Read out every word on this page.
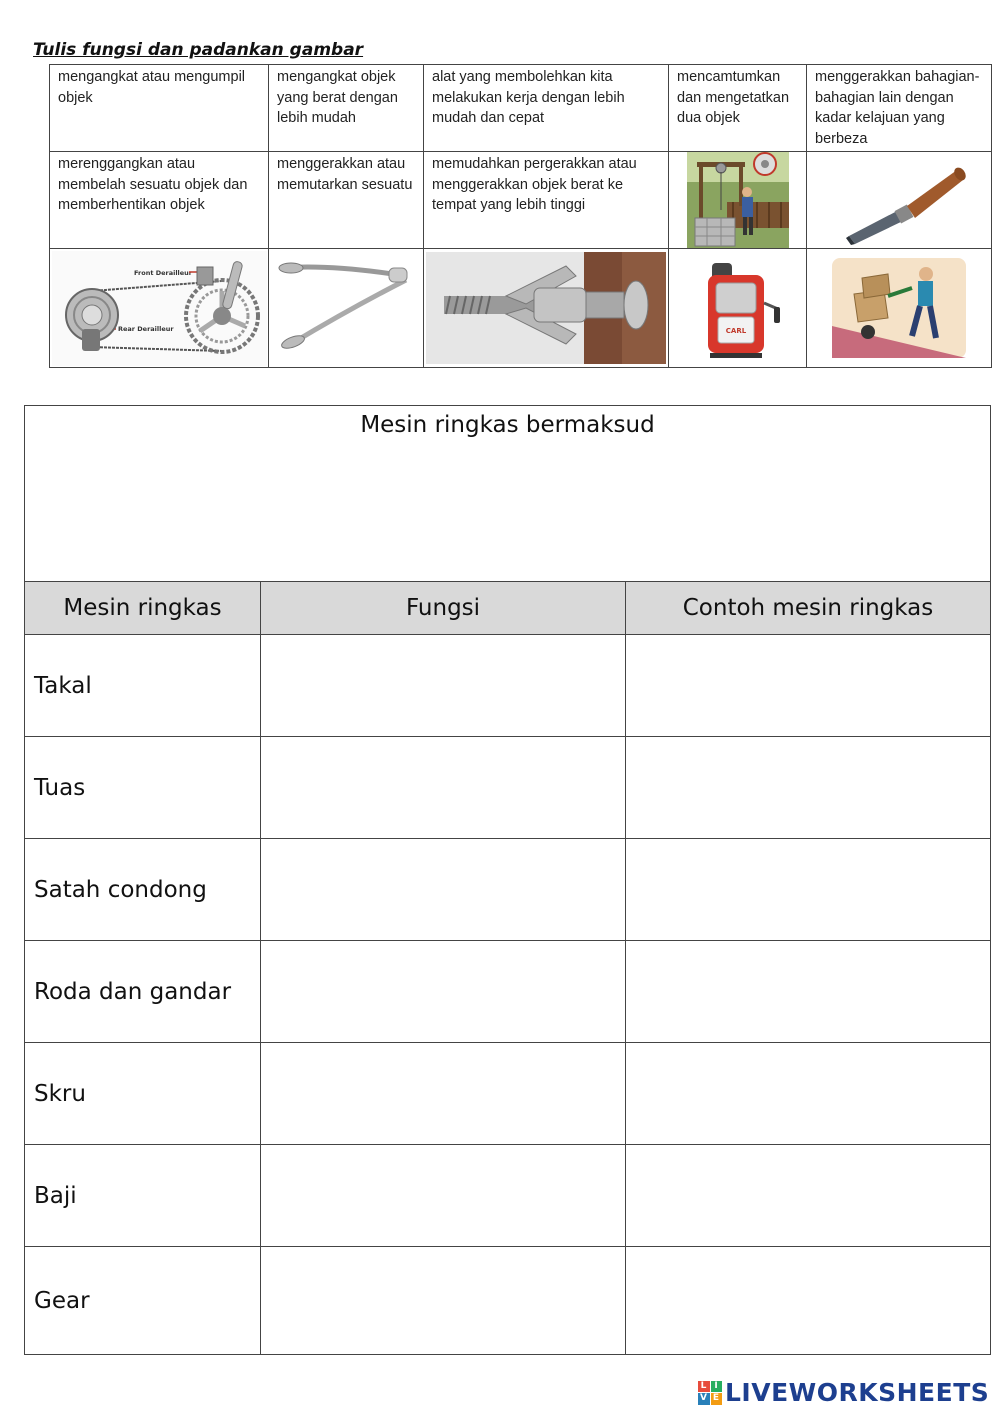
Tulis fungsi dan padankan gambar
mengangkat atau mengumpil objek	mengangkat objek yang berat dengan lebih mudah	alat yang membolehkan kita melakukan kerja dengan lebih mudah dan cepat	mencamtumkan dan mengetatkan dua objek	menggerakkan bahagian-bahagian lain dengan kadar kelajuan yang berbeza
merenggangkan atau membelah sesuatu objek dan memberhentikan objek	menggerakkan atau memutarkan sesuatu	memudahkan pergerakkan atau menggerakkan objek berat ke tempat yang lebih tinggi	

Front Derailleur
Rear Derailleur			CARL

Mesin ringkas bermaksud		
Mesin ringkas	Fungsi	Contoh mesin ringkas
Takal		
Tuas		
Satah condong		
Roda dan gandar		
Skru		
Baji		
Gear		
L I
V E LIVEWORKSHEETS
